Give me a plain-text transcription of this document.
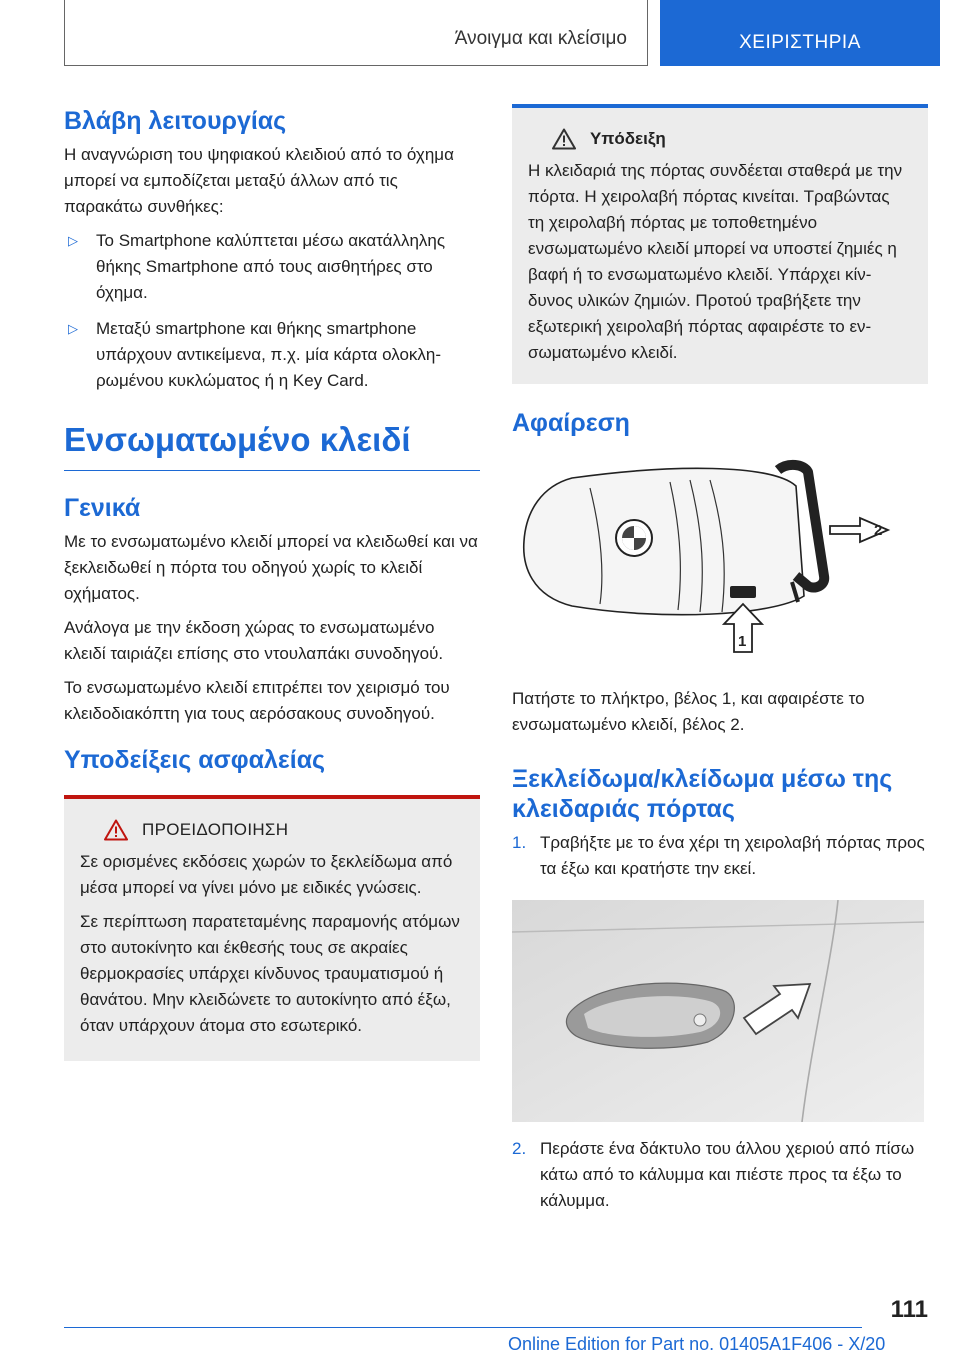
Άνοιγμα και κλείσιμο	ΧΕΙΡΙΣΤΗΡΙΑ
Βλάβη λειτουργίας

Η αναγνώριση του ψηφιακού κλειδιού από το όχημα μπορεί να εμποδίζεται μεταξύ άλλων από τις παρακάτω συνθήκες:

▷ Το Smartphone καλύπτεται μέσω ακατάλληλης θήκης Smartphone από τους αισθητήρες στο όχημα.
▷ Μεταξύ smartphone και θήκης smartphone υπάρχουν αντικείμενα, π.χ. μία κάρτα ολοκληρωμένου κυκλώματος ή η Key Card.
Ενσωματωμένο κλειδί
Γενικά

Με το ενσωματωμένο κλειδί μπορεί να κλειδωθεί και να ξεκλειδωθεί η πόρτα του οδηγού χωρίς το κλειδί οχήματος.

Ανάλογα με την έκδοση χώρας το ενσωματωμένο κλειδί ταιριάζει επίσης στο ντουλαπάκι συνοδηγού.

Το ενσωματωμένο κλειδί επιτρέπει τον χειρισμό του κλειδοδιακόπτη για τους αερόσακους συνοδηγού.

Υποδείξεις ασφαλείας
ΠΡΟΕΙΔΟΠΟΙΗΣΗ

Σε ορισμένες εκδόσεις χωρών το ξεκλείδωμα από μέσα μπορεί να γίνει μόνο με ειδικές γνώσεις.

Σε περίπτωση παρατεταμένης παραμονής ατόμων στο αυτοκίνητο και έκθεσής τους σε ακραίες θερμοκρασίες υπάρχει κίνδυνος τραυματισμού ή θανάτου. Μην κλειδώνετε το αυτοκίνητο από έξω, όταν υπάρχουν άτομα στο εσωτερικό.

Υπόδειξη

Η κλειδαριά της πόρτας συνδέεται σταθερά με την πόρτα. Η χειρολαβή πόρτας κινείται. Τραβώντας τη χειρολαβή πόρτας με τοποθετημένο ενσωματωμένο κλειδί μπορεί να υποστεί ζημιές η βαφή ή το ενσωματωμένο κλειδί. Υπάρχει κίνδυνος υλικών ζημιών. Προτού τραβήξετε την εξωτερική χειρολαβή πόρτας αφαιρέστε το ενσωματωμένο κλειδί.

Αφαίρεση
2
1

Πατήστε το πλήκτρο, βέλος 1, και αφαιρέστε το ενσωματωμένο κλειδί, βέλος 2.

Ξεκλείδωμα/κλείδωμα μέσω της κλειδαριάς πόρτας
1. Τραβήξτε με το ένα χέρι τη χειρολαβή πόρτας προς τα έξω και κρατήστε την εκεί.
2. Περάστε ένα δάκτυλο του άλλου χεριού από πίσω κάτω από το κάλυμμα και πιέστε προς τα έξω το κάλυμμα.
111
Online Edition for Part no. 01405A1F406 - X/20
